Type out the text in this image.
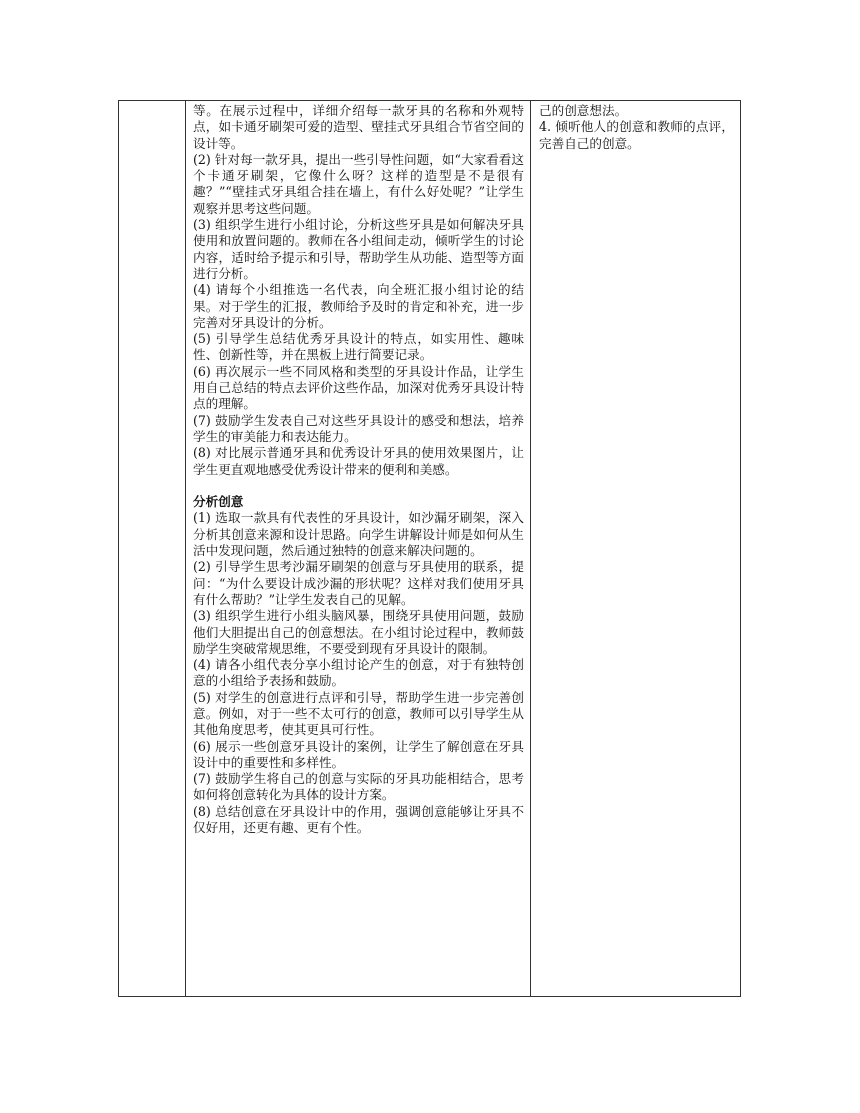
等。在展示过程中，详细介绍每一款牙具的名称和外观特点，如卡通牙刷架可爱的造型、壁挂式牙具组合节省空间的设计等。

(2) 针对每一款牙具，提出一些引导性问题，如“大家看看这个卡通牙刷架，它像什么呀？这样的造型是不是很有趣？”“壁挂式牙具组合挂在墙上，有什么好处呢？”让学生观察并思考这些问题。

(3) 组织学生进行小组讨论，分析这些牙具是如何解决牙具使用和放置问题的。教师在各小组间走动，倾听学生的讨论内容，适时给予提示和引导，帮助学生从功能、造型等方面进行分析。

(4) 请每个小组推选一名代表，向全班汇报小组讨论的结果。对于学生的汇报，教师给予及时的肯定和补充，进一步完善对牙具设计的分析。

(5) 引导学生总结优秀牙具设计的特点，如实用性、趣味性、创新性等，并在黑板上进行简要记录。

(6) 再次展示一些不同风格和类型的牙具设计作品，让学生用自己总结的特点去评价这些作品，加深对优秀牙具设计特点的理解。

(7) 鼓励学生发表自己对这些牙具设计的感受和想法，培养学生的审美能力和表达能力。

(8) 对比展示普通牙具和优秀设计牙具的使用效果图片，让学生更直观地感受优秀设计带来的便利和美感。

分析创意

(1) 选取一款具有代表性的牙具设计，如沙漏牙刷架，深入分析其创意来源和设计思路。向学生讲解设计师是如何从生活中发现问题，然后通过独特的创意来解决问题的。

(2) 引导学生思考沙漏牙刷架的创意与牙具使用的联系，提问：“为什么要设计成沙漏的形状呢？这样对我们使用牙具有什么帮助？”让学生发表自己的见解。

(3) 组织学生进行小组头脑风暴，围绕牙具使用问题，鼓励他们大胆提出自己的创意想法。在小组讨论过程中，教师鼓励学生突破常规思维，不要受到现有牙具设计的限制。

(4) 请各小组代表分享小组讨论产生的创意，对于有独特创意的小组给予表扬和鼓励。

(5) 对学生的创意进行点评和引导，帮助学生进一步完善创意。例如，对于一些不太可行的创意，教师可以引导学生从其他角度思考，使其更具可行性。

(6) 展示一些创意牙具设计的案例，让学生了解创意在牙具设计中的重要性和多样性。

(7) 鼓励学生将自己的创意与实际的牙具功能相结合，思考如何将创意转化为具体的设计方案。

(8) 总结创意在牙具设计中的作用，强调创意能够让牙具不仅好用，还更有趣、更有个性。

己的创意想法。

4. 倾听他人的创意和教师的点评，完善自己的创意。
